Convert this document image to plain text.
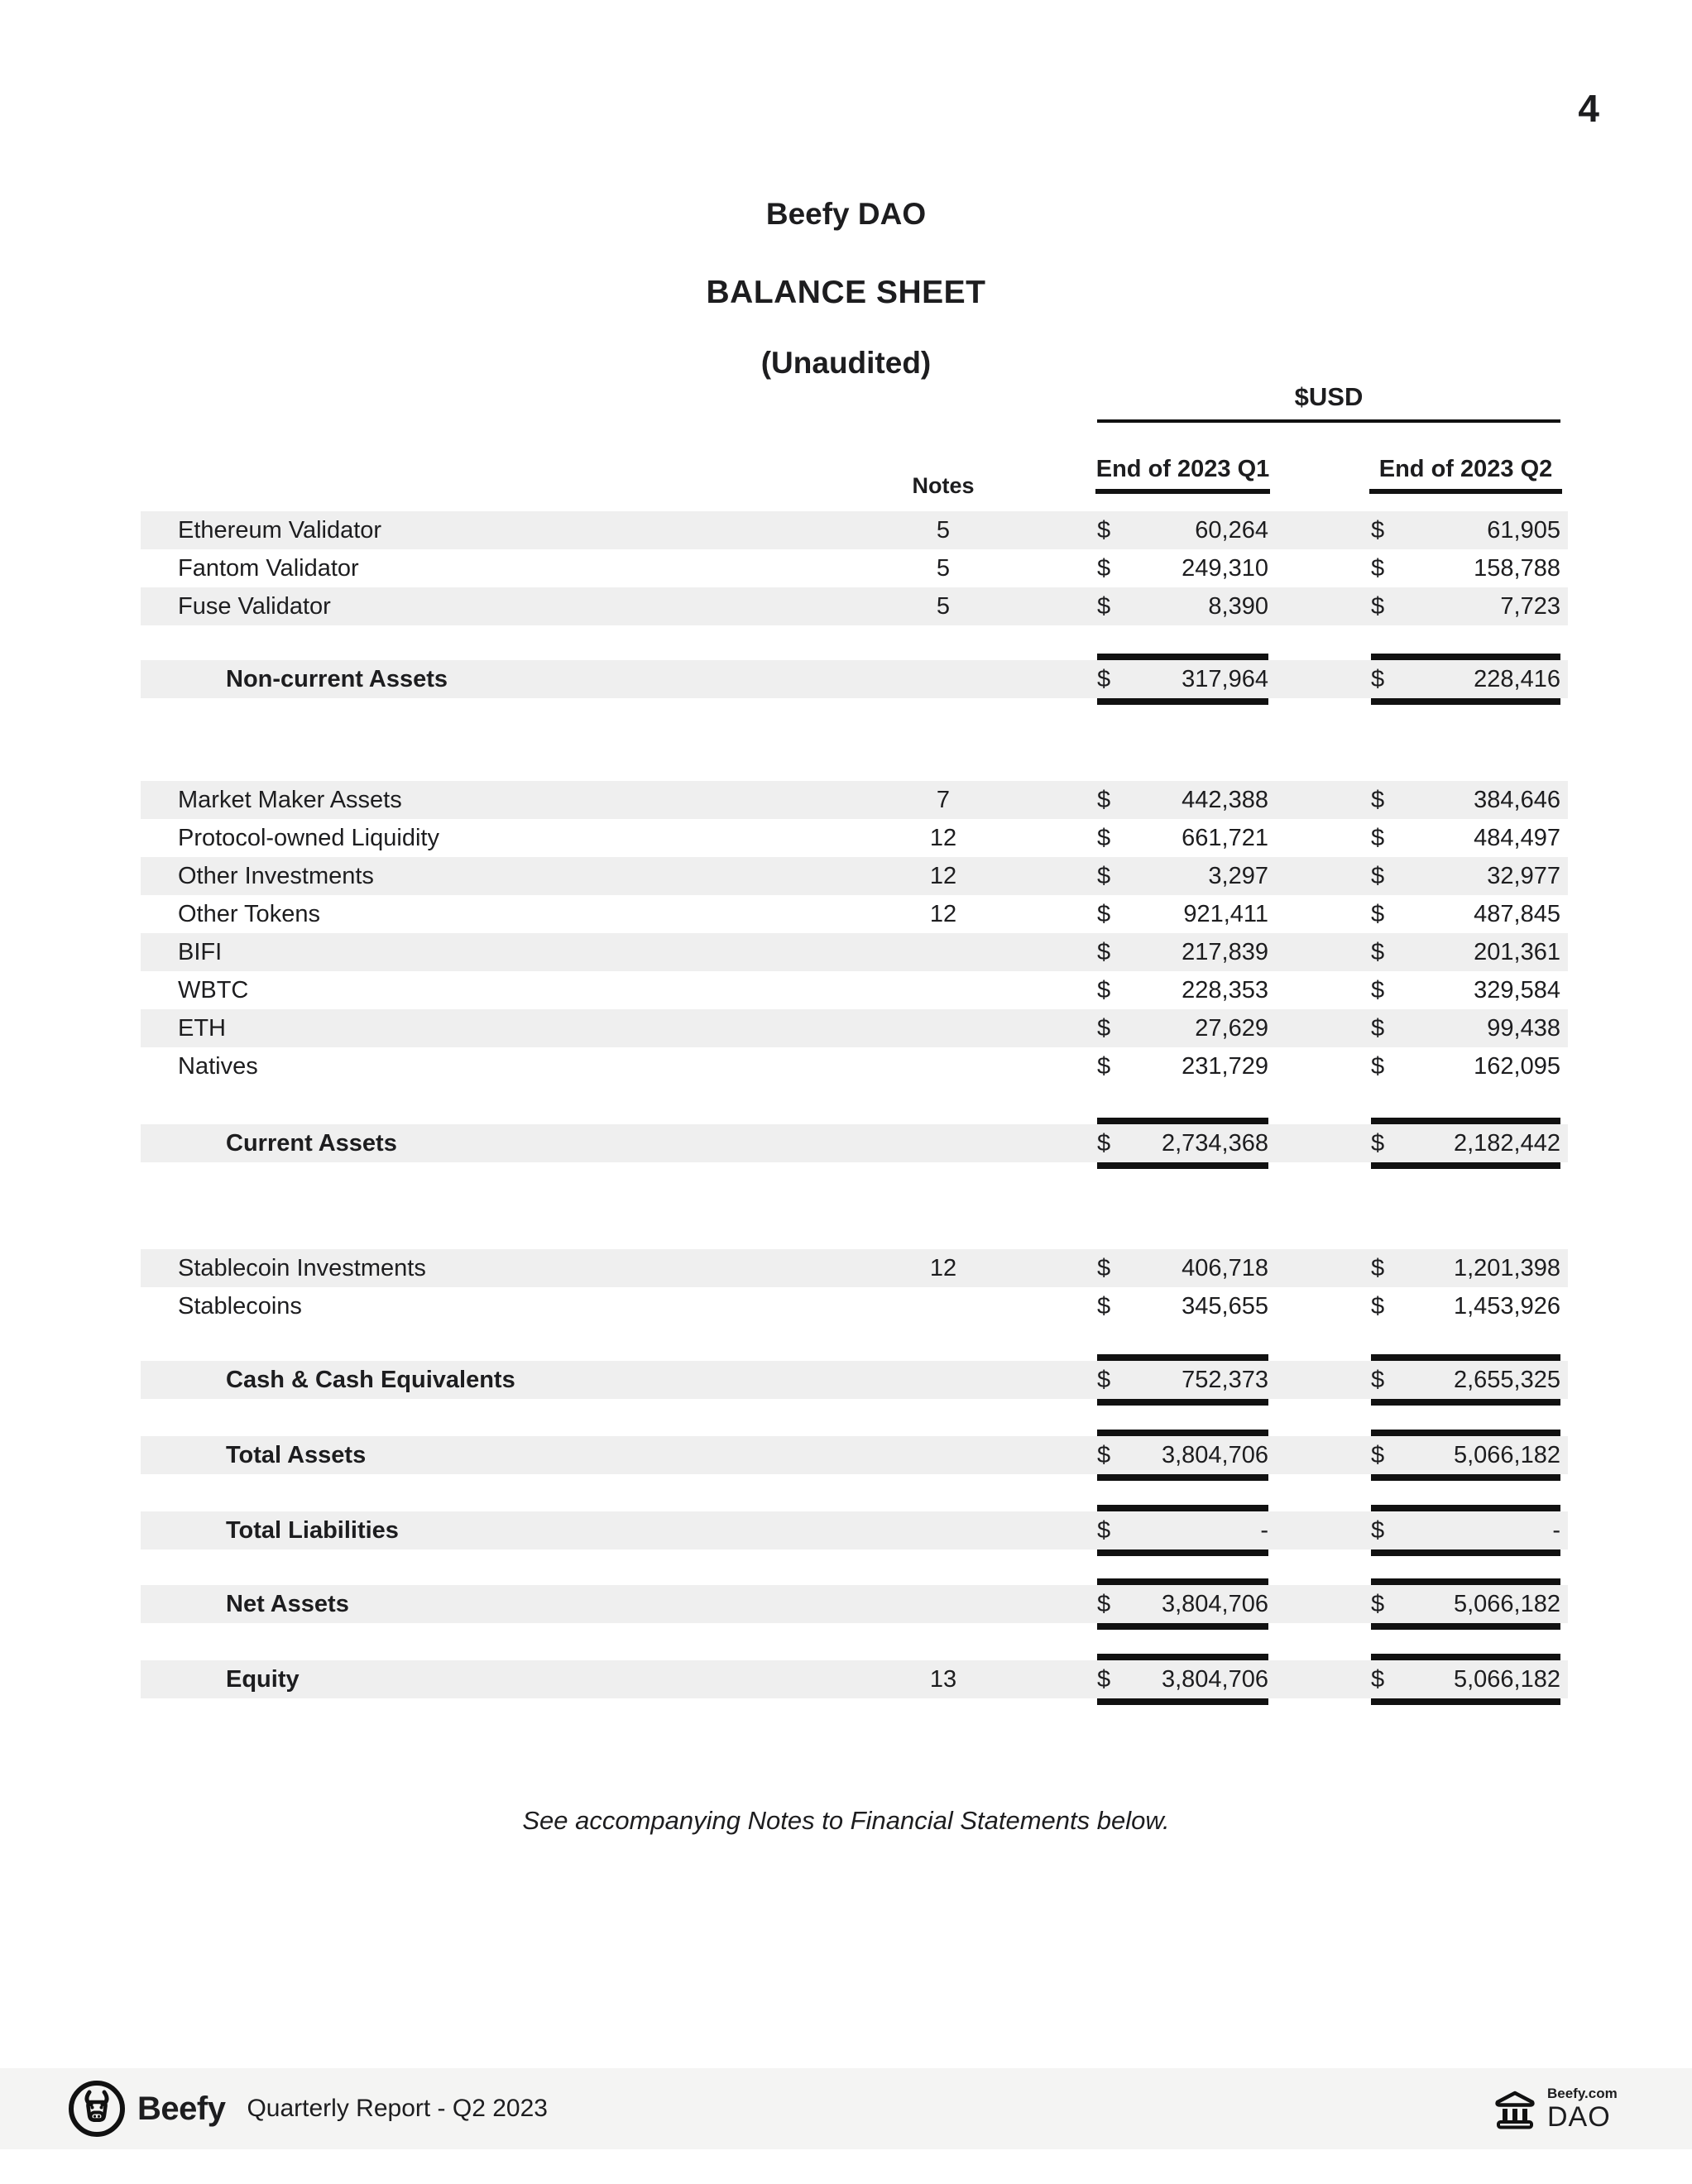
4
Beefy DAO
BALANCE SHEET
(Unaudited)
$USD
End of 2023 Q1	End of 2023 Q2
Notes
Ethereum Validator	5	$	60,264	$	61,905
Fantom Validator	5	$	249,310	$	158,788
Fuse Validator	5	$	8,390	$	7,723
Non-current Assets	$	317,964	$	228,416
Market Maker Assets	7	$	442,388	$	384,646
Protocol-owned Liquidity	12	$	661,721	$	484,497
Other Investments	12	$	3,297	$	32,977
Other Tokens	12	$	921,411	$	487,845
BIFI	$	217,839	$	201,361
WBTC	$	228,353	$	329,584
ETH	$	27,629	$	99,438
Natives	$	231,729	$	162,095
Current Assets	$ 2,734,368	$	2,182,442
Stablecoin Investments	12	$	406,718	$	1,201,398
Stablecoins	$	345,655	$	1,453,926
Cash & Cash Equivalents	$	752,373	$	2,655,325
Total Assets	$ 3,804,706	$	5,066,182
Total Liabilities	$	-	$	-
Net Assets	$ 3,804,706	$	5,066,182
Equity	13	$ 3,804,706	$	5,066,182
See accompanying Notes to Financial Statements below.
Beefy Quarterly Report - Q2 2023
Beefy.com
DAO
